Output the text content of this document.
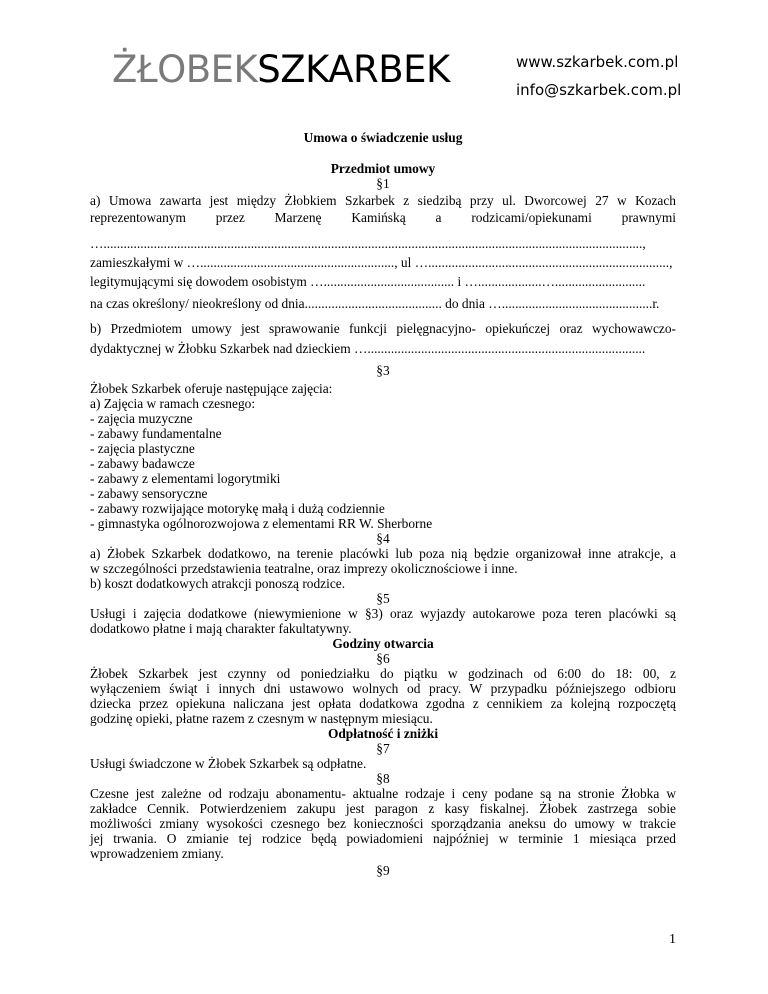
ŻŁOBEKSZKARBEK	www.szkarbek.com.pl
info@szkarbek.com.pl
Umowa o świadczenie usług
Przedmiot umowy
§1
a) Umowa zawarta jest między Żłobkiem Szkarbek z siedzibą przy ul. Dworcowej 27 w Kozach
reprezentowanym przez Marzenę Kamińską a rodzicami/opiekunami prawnymi
….................................................................................................................................................................,
zamieszkałymi w ….........................................................., ul …........................................................................,
legitymującymi się dowodem osobistym …....................................... i …...................…...........................
na czas określony/ nieokreślony od dnia......................................... do dnia ….............................................r.
b) Przedmiotem umowy jest sprawowanie funkcji pielęgnacyjno- opiekuńczej oraz wychowawczo-
dydaktycznej w Żłobku Szkarbek nad dzieckiem …...................................................................................
§3
Żłobek Szkarbek oferuje następujące zajęcia:
a) Zajęcia w ramach czesnego:
- zajęcia muzyczne
- zabawy fundamentalne
- zajęcia plastyczne
- zabawy badawcze
- zabawy z elementami logorytmiki
- zabawy sensoryczne
- zabawy rozwijające motorykę małą i dużą codziennie
- gimnastyka ogólnorozwojowa z elementami RR W. Sherborne
§4
a) Żłobek Szkarbek dodatkowo, na terenie placówki lub poza nią będzie organizował inne atrakcje, a
w szczególności przedstawienia teatralne, oraz imprezy okolicznościowe i inne.
b) koszt dodatkowych atrakcji ponoszą rodzice.
§5
Usługi i zajęcia dodatkowe (niewymienione w §3) oraz wyjazdy autokarowe poza teren placówki są
dodatkowo płatne i mają charakter fakultatywny.
Godziny otwarcia
§6
Żłobek Szkarbek jest czynny od poniedziałku do piątku w godzinach od 6:00 do 18: 00, z
wyłączeniem świąt i innych dni ustawowo wolnych od pracy. W przypadku późniejszego odbioru
dziecka przez opiekuna naliczana jest opłata dodatkowa zgodna z cennikiem za kolejną rozpoczętą
godzinę opieki, płatne razem z czesnym w następnym miesiącu.
Odpłatność i zniżki
§7
Usługi świadczone w Żłobek Szkarbek są odpłatne.
§8
Czesne jest zależne od rodzaju abonamentu- aktualne rodzaje i ceny podane są na stronie Żłobka w
zakładce Cennik. Potwierdzeniem zakupu jest paragon z kasy fiskalnej. Żłobek zastrzega sobie
możliwości zmiany wysokości czesnego bez konieczności sporządzania aneksu do umowy w trakcie
jej trwania. O zmianie tej rodzice będą powiadomieni najpóźniej w terminie 1 miesiąca przed
wprowadzeniem zmiany.
§9
1
